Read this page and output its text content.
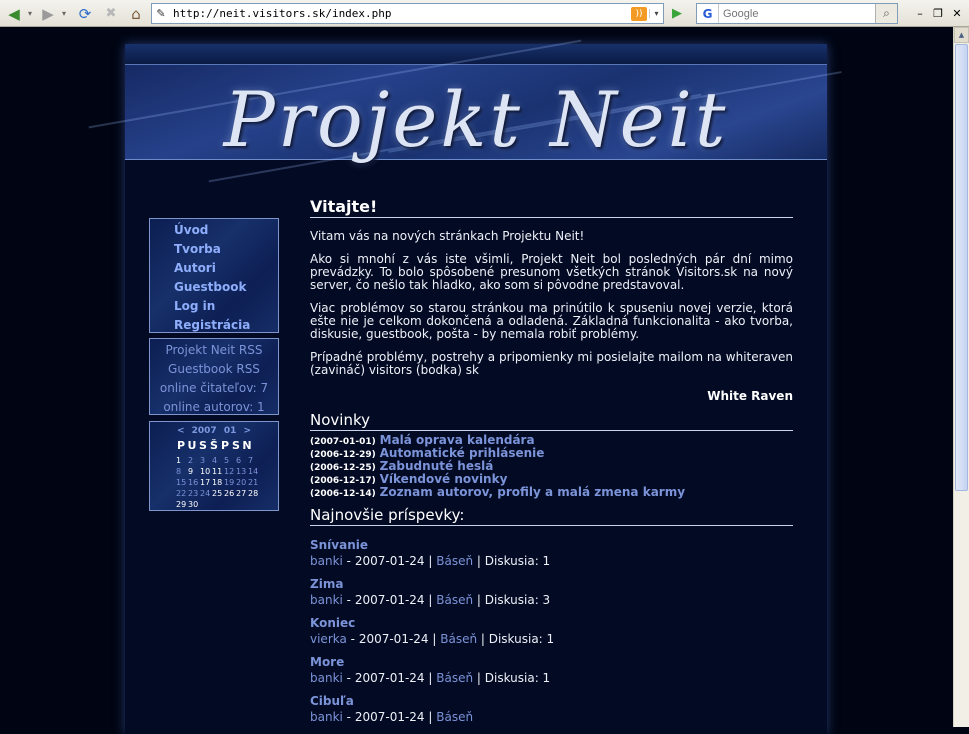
◀	▾ ▶	▾ ⟳	✖ ⌂	✎ http://neit.visitors.sk/index.php	))	▾	▶	G
Google	⌕	– ❐ ✕
▲
Projekt Neit
Úvod
Tvorba
Autori
Guestbook
Log in
Registrácia
Projekt Neit RSS
Guestbook RSS
online čitateľov: 7
online autorov: 1
< 2007 01 >
P U S Š P S N
1 2 3 4 5 6 7
8 9 10 11 12 13 14
15 16 17 18 19 20 21
22 23 24 25 26 27 28
29 30
Vitajte!

Vitam vás na nových stránkach Projektu Neit!

Ako si mnohí z vás iste všimli, Projekt Neit bol posledných pár dní mimo prevádzky. To bolo spôsobené presunom všetkých stránok Visitors.sk na nový server, čo nešlo tak hladko, ako som si pôvodne predstavoval.

Viac problémov so starou stránkou ma prinútilo k spuseniu novej verzie, ktorá ešte nie je celkom dokončená a odladená. Základná funkcionalita - ako tvorba, diskusie, guestbook, pošta - by nemala robiť problémy.

Prípadné problémy, postrehy a pripomienky mi posielajte mailom na whiteraven (zavináč) visitors (bodka) sk

White Raven
Novinky
(2007-01-01) Malá oprava kalendára
(2006-12-29) Automatické prihlásenie
(2006-12-25) Zabudnuté heslá
(2006-12-17) Víkendové novinky
(2006-12-14) Zoznam autorov, profily a malá zmena karmy
Najnovšie príspevky:
Snívanie
banki - 2007-01-24 | Báseň | Diskusia: 1
Zima
banki - 2007-01-24 | Báseň | Diskusia: 3
Koniec
vierka - 2007-01-24 | Báseň | Diskusia: 1
More
banki - 2007-01-24 | Báseň | Diskusia: 1
Cibuľa
banki - 2007-01-24 | Báseň
